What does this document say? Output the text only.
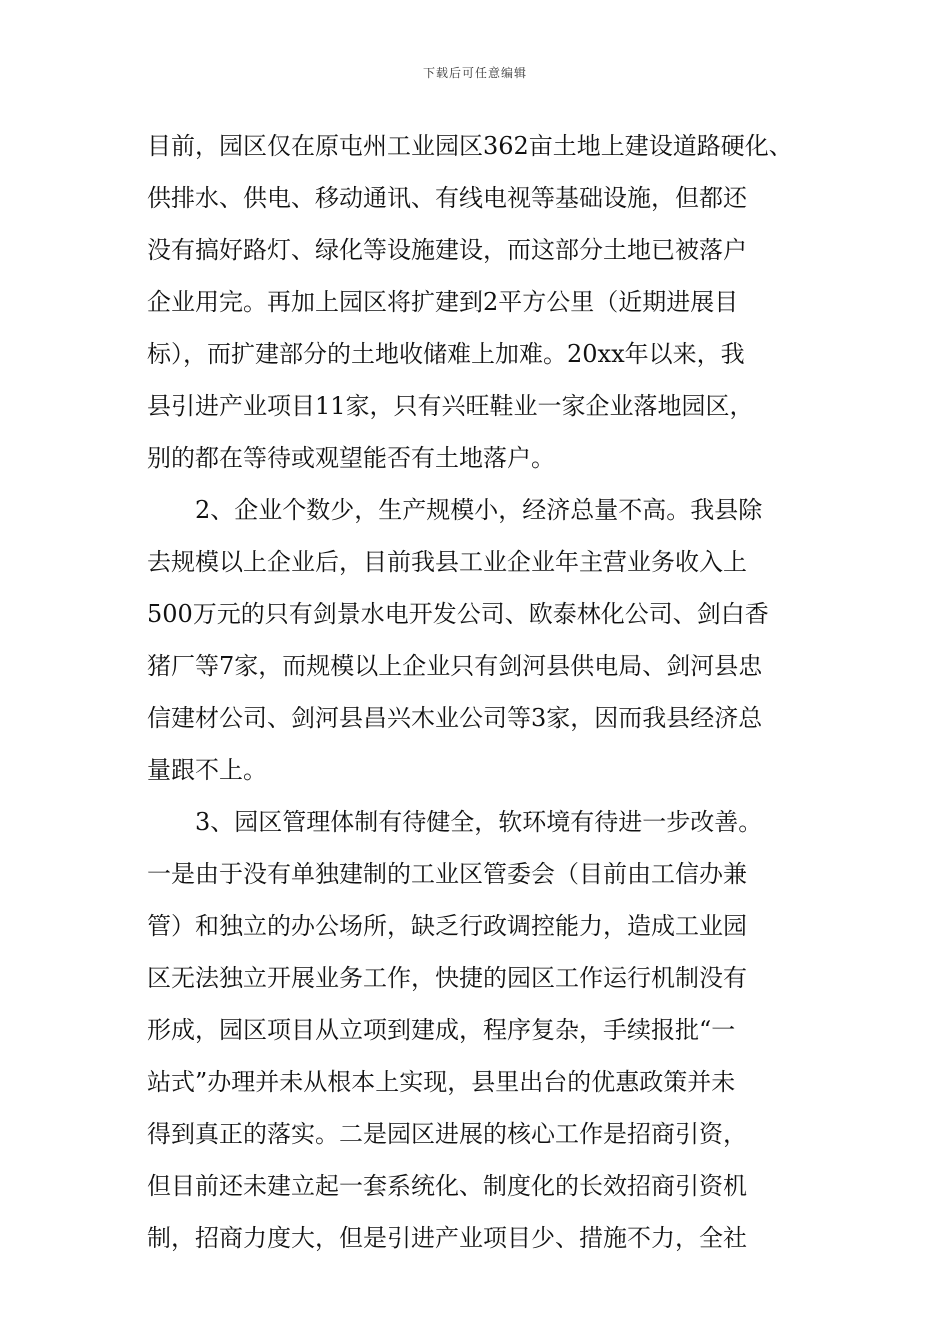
下载后可任意编辑
目前，园区仅在原屯州工业园区362亩土地上建设道路硬化、
供排水、供电、移动通讯、有线电视等基础设施，但都还
没有搞好路灯、绿化等设施建设，而这部分土地已被落户
企业用完。再加上园区将扩建到2平方公里（近期进展目
标），而扩建部分的土地收储难上加难。20xx年以来，我
县引进产业项目11家，只有兴旺鞋业一家企业落地园区，
别的都在等待或观望能否有土地落户。
2、企业个数少，生产规模小，经济总量不高。我县除
去规模以上企业后，目前我县工业企业年主营业务收入上
500万元的只有剑景水电开发公司、欧泰林化公司、剑白香
猪厂等7家，而规模以上企业只有剑河县供电局、剑河县忠
信建材公司、剑河县昌兴木业公司等3家，因而我县经济总
量跟不上。
3、园区管理体制有待健全，软环境有待进一步改善。
一是由于没有单独建制的工业区管委会（目前由工信办兼
管）和独立的办公场所，缺乏行政调控能力，造成工业园
区无法独立开展业务工作，快捷的园区工作运行机制没有
形成，园区项目从立项到建成，程序复杂，手续报批“一
站式”办理并未从根本上实现，县里出台的优惠政策并未
得到真正的落实。二是园区进展的核心工作是招商引资，
但目前还未建立起一套系统化、制度化的长效招商引资机
制，招商力度大，但是引进产业项目少、措施不力，全社
